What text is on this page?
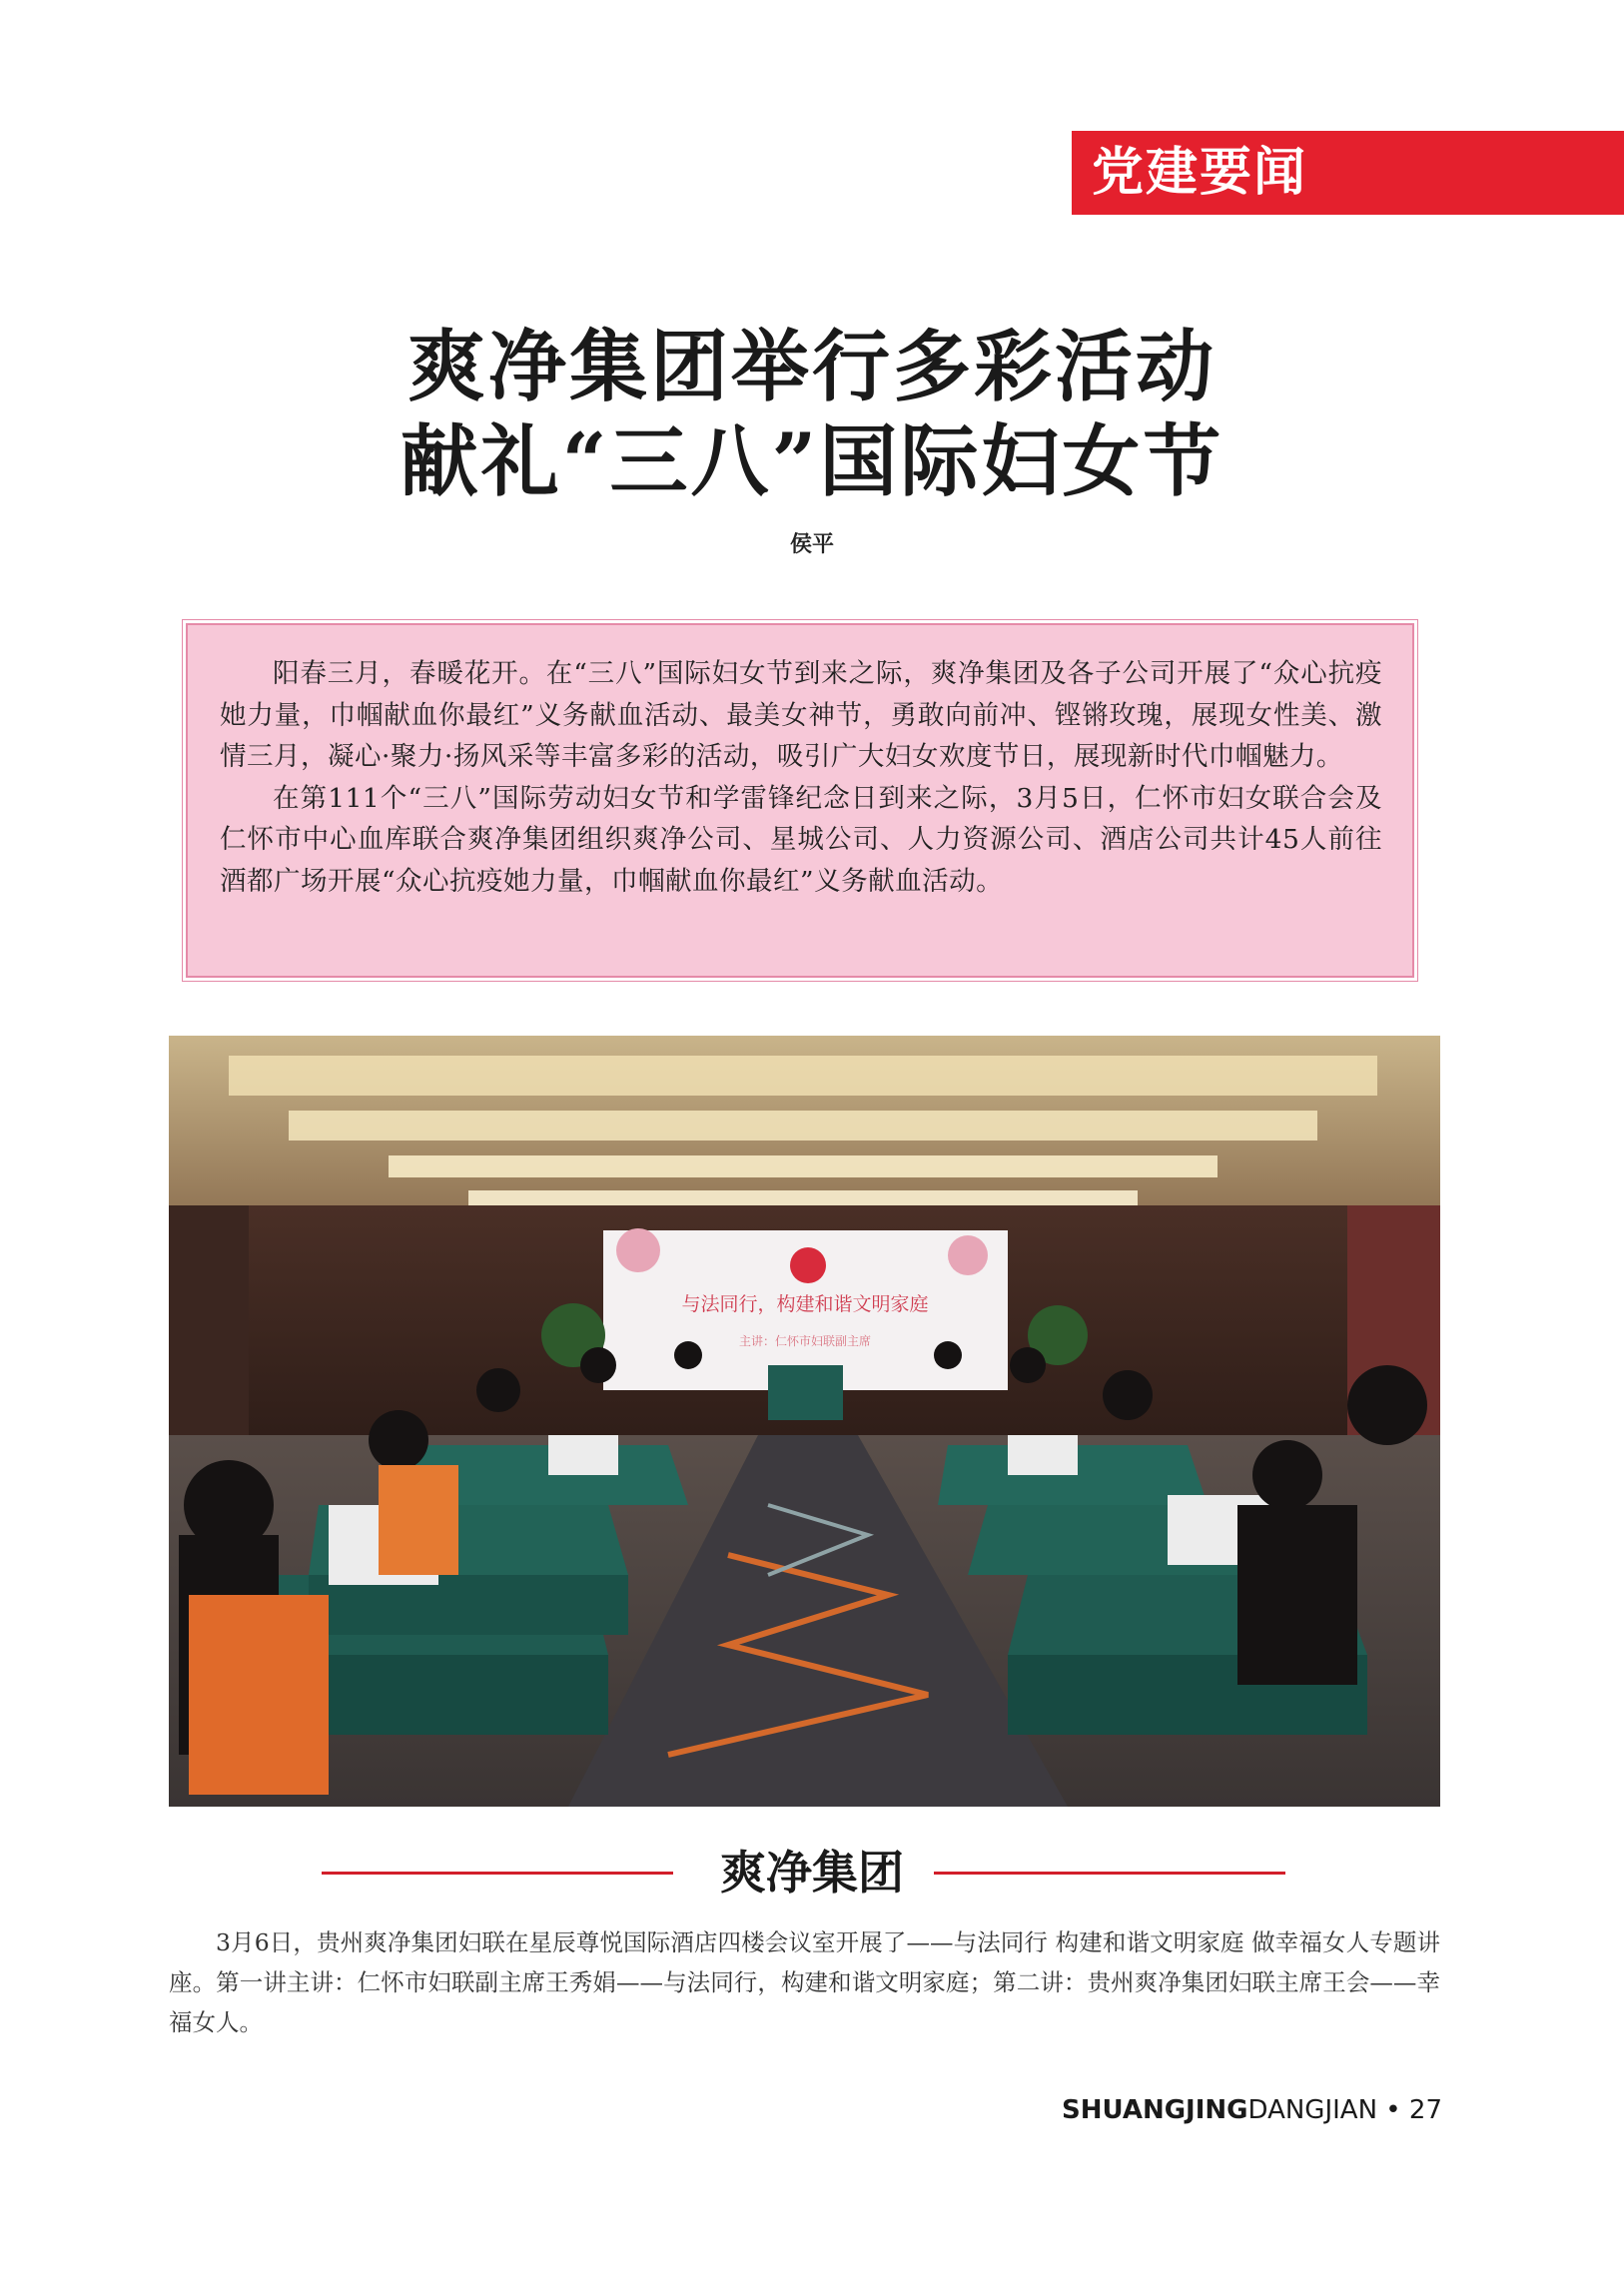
党建要闻
爽净集团举行多彩活动
献礼“三八”国际妇女节
侯平

阳春三月，春暖花开。在“三八”国际妇女节到来之际，爽净集团及各子公司开展了“众心抗疫她力量，巾帼献血你最红”义务献血活动、最美女神节，勇敢向前冲、铿锵玫瑰，展现女性美、激情三月，凝心·聚力·扬风采等丰富多彩的活动，吸引广大妇女欢度节日，展现新时代巾帼魅力。

在第111个“三八”国际劳动妇女节和学雷锋纪念日到来之际，3月5日，仁怀市妇女联合会及仁怀市中心血库联合爽净集团组织爽净公司、星城公司、人力资源公司、酒店公司共计45人前往酒都广场开展“众心抗疫她力量，巾帼献血你最红”义务献血活动。

与法同行，构建和谐文明家庭
主讲：仁怀市妇联副主席
爽净集团

3月6日，贵州爽净集团妇联在星辰尊悦国际酒店四楼会议室开展了——与法同行 构建和谐文明家庭 做幸福女人专题讲座。第一讲主讲：仁怀市妇联副主席王秀娟——与法同行，构建和谐文明家庭；第二讲：贵州爽净集团妇联主席王会——幸福女人。

SHUANGJINGDANGJIAN • 27
